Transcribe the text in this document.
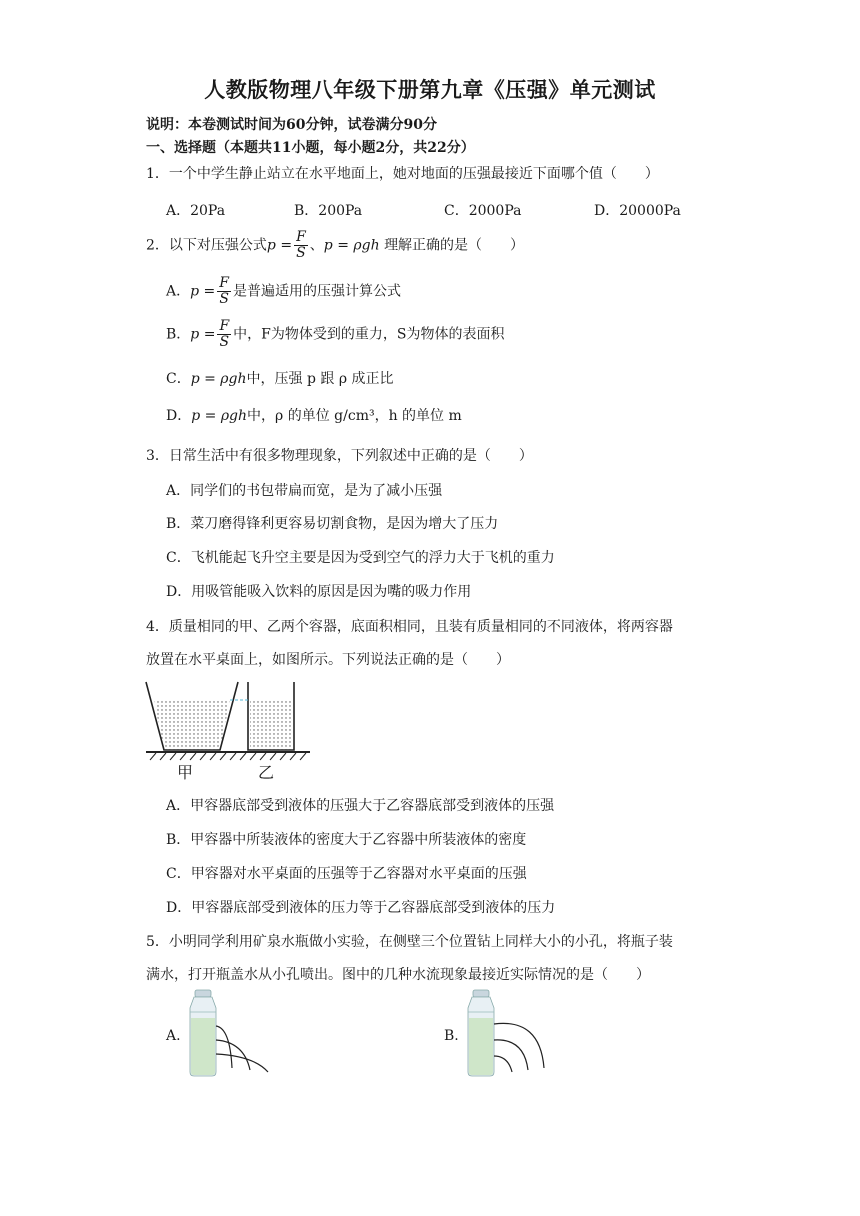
人教版物理八年级下册第九章《压强》单元测试
说明：本卷测试时间为60分钟，试卷满分90分
一、选择题（本题共11小题，每小题2分，共22分）
1．一个中学生静止站立在水平地面上，她对地面的压强最接近下面哪个值（　　）
A．20Pa	B．200Pa	C．2000Pa	D．20000Pa
2．以下对压强公式$p = \frac{F}{S}$ 、p = ρgh 理解正确的是（　　）
A．$p = \frac{F}{S}$ 是普遍适用的压强计算公式
B．$p = \frac{F}{S}$ 中，F为物体受到的重力，S为物体的表面积
C．p = ρgh中，压强 p 跟 ρ 成正比
D．p = ρgh中，ρ 的单位 g/cm³，h 的单位 m
3．日常生活中有很多物理现象，下列叙述中正确的是（　　）
A．同学们的书包带扁而宽，是为了减小压强
B．菜刀磨得锋利更容易切割食物，是因为增大了压力
C．飞机能起飞升空主要是因为受到空气的浮力大于飞机的重力
D．用吸管能吸入饮料的原因是因为嘴的吸力作用
4．质量相同的甲、乙两个容器，底面积相同，且装有质量相同的不同液体，将两容器
放置在水平桌面上，如图所示。下列说法正确的是（　　）
甲	乙
A．甲容器底部受到液体的压强大于乙容器底部受到液体的压强
B．甲容器中所装液体的密度大于乙容器中所装液体的密度
C．甲容器对水平桌面的压强等于乙容器对水平桌面的压强
D．甲容器底部受到液体的压力等于乙容器底部受到液体的压力
5．小明同学利用矿泉水瓶做小实验，在侧壁三个位置钻上同样大小的小孔，将瓶子装
满水，打开瓶盖水从小孔喷出。图中的几种水流现象最接近实际情况的是（　　）
A.	B.
